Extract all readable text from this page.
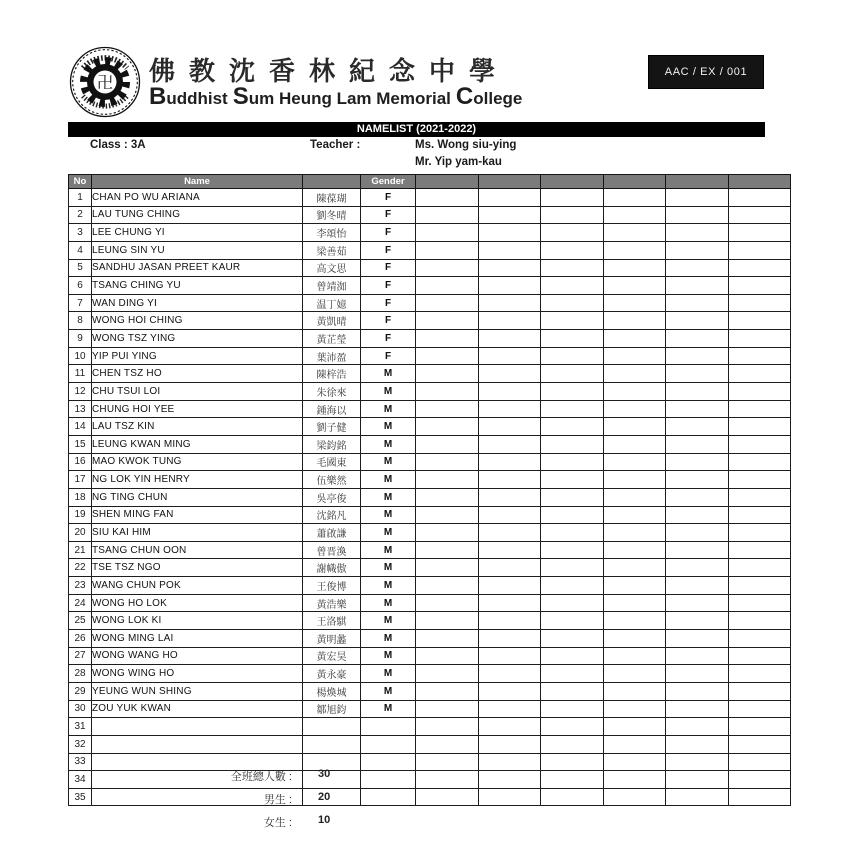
卍 佛教沈香林紀念中學
Buddhist Sum Heung Lam Memorial College
AAC / EX / 001
NAMELIST (2021-2022)
Class : 3A	Teacher :	Ms. Wong siu-ying
Mr. Yip yam-kau
No	Name		Gender						
1	CHAN PO WU ARIANA	陳葆瑚	F						
2	LAU TUNG CHING	劉冬晴	F						
3	LEE CHUNG YI	李頌怡	F						
4	LEUNG SIN YU	梁善茹	F						
5	SANDHU JASAN PREET KAUR	高文思	F						
6	TSANG CHING YU	曾靖洳	F						
7	WAN DING YI	温丁嬑	F						
8	WONG HOI CHING	黃凱晴	F						
9	WONG TSZ YING	黃芷瑩	F						
10	YIP PUI YING	葉沛盈	F						
11	CHEN TSZ HO	陳梓浩	M						
12	CHU TSUI LOI	朱徐來	M						
13	CHUNG HOI YEE	鍾海以	M						
14	LAU TSZ KIN	劉子健	M						
15	LEUNG KWAN MING	梁鈞銘	M						
16	MAO KWOK TUNG	毛國東	M						
17	NG LOK YIN HENRY	伍樂然	M						
18	NG TING CHUN	吳亭俊	M						
19	SHEN MING FAN	沈銘凡	M						
20	SIU KAI HIM	蕭啟謙	M						
21	TSANG CHUN OON	曾晋渙	M						
22	TSE TSZ NGO	謝幟傲	M						
23	WANG CHUN POK	王俊博	M						
24	WONG HO LOK	黃浩樂	M						
25	WONG LOK KI	王洛騏	M						
26	WONG MING LAI	黃明蠡	M						
27	WONG WANG HO	黃宏昊	M						
28	WONG WING HO	黃永豪	M						
29	YEUNG WUN SHING	楊煥城	M						
30	ZOU YUK KWAN	鄒旭鈞	M						
31									
32									
33									
34									
35									
全班總人數 : 30
男生 : 20
女生 : 10
